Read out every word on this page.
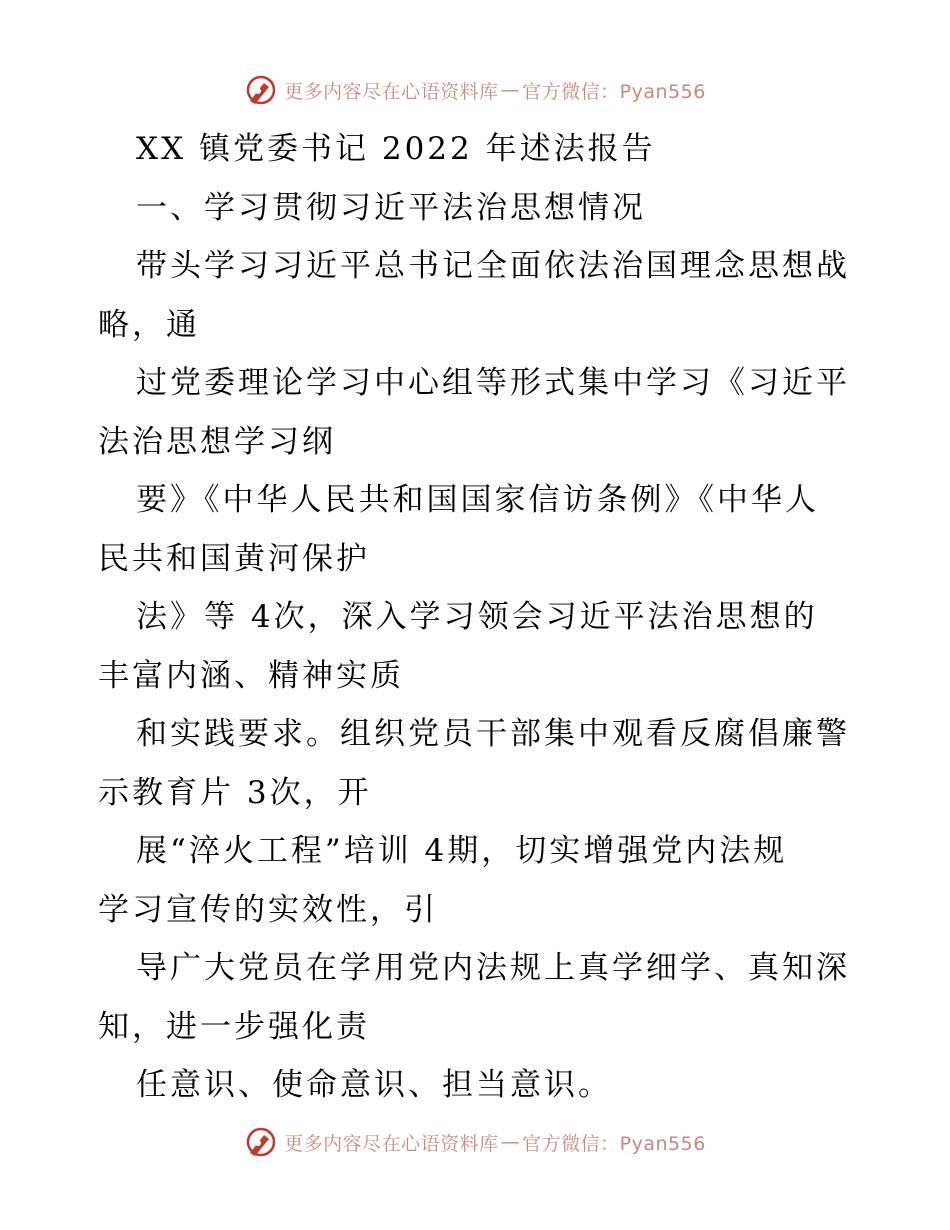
更多内容尽在心语资料库 — 官方微信：Pyan556
XX 镇党委书记 2022 年述法报告
一、学习贯彻习近平法治思想情况
带头学习习近平总书记全面依法治国理念思想战
略，通
过党委理论学习中心组等形式集中学习《习近平
法治思想学习纲
要》《中华人民共和国国家信访条例》《中华人
民共和国黄河保护
法》等 4次，深入学习领会习近平法治思想的
丰富内涵、精神实质
和实践要求。组织党员干部集中观看反腐倡廉警
示教育片 3次，开
展“淬火工程”培训 4期，切实增强党内法规
学习宣传的实效性，引
导广大党员在学用党内法规上真学细学、真知深
知，进一步强化责
任意识、使命意识、担当意识。
更多内容尽在心语资料库 — 官方微信：Pyan556
